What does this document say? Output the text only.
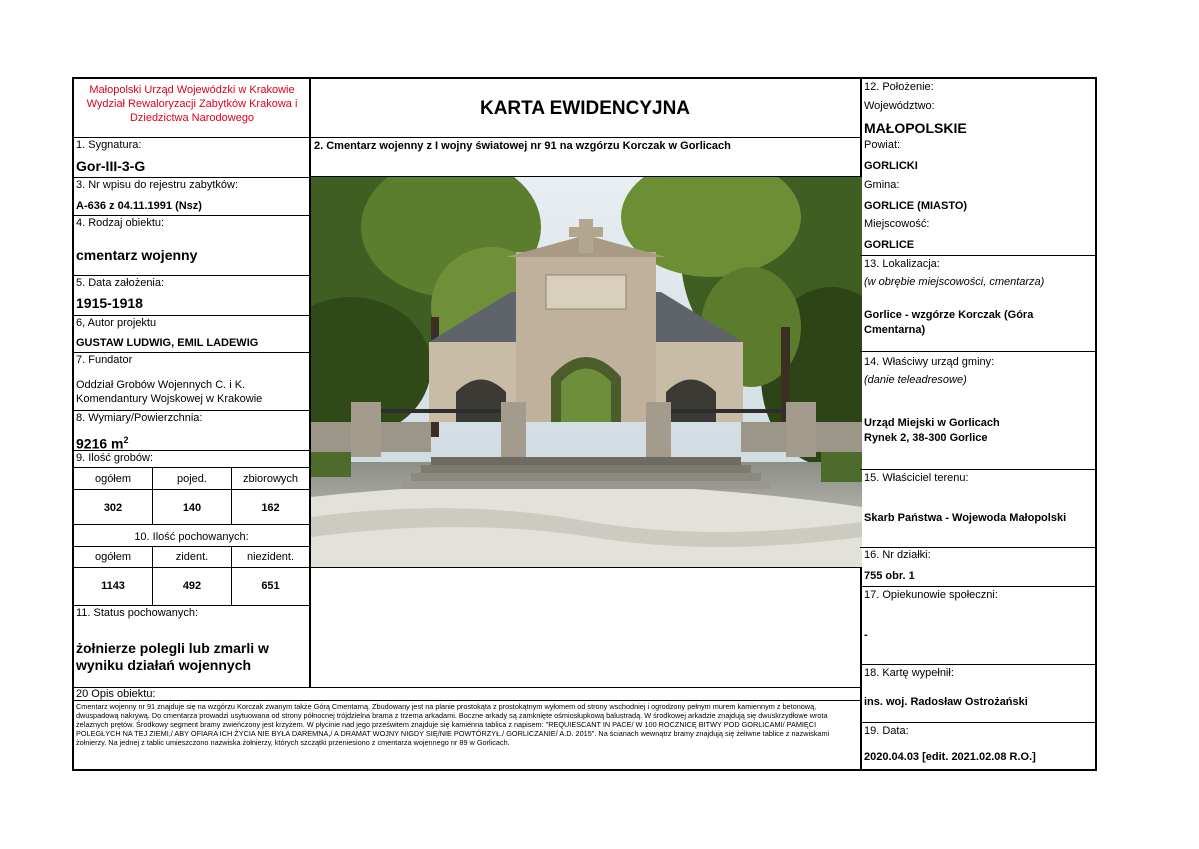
Małopolski Urząd Wojewódzki w Krakowie
Wydział Rewaloryzacji Zabytków Krakowa i
Dziedzictwa Narodowego	KARTA EWIDENCYJNA
1. Sygnatura:
Gor-III-3-G
3. Nr wpisu do rejestru zabytków:
A-636 z 04.11.1991 (Nsz)
4. Rodzaj obiektu:
cmentarz wojenny
5. Data założenia:
1915-1918
6, Autor projektu
GUSTAW LUDWIG, EMIL LADEWIG
7. Fundator
Oddział Grobów Wojennych C. i K.
Komendantury Wojskowej w Krakowie
8. Wymiary/Powierzchnia:
9216 $m^2$
9. Ilość grobów:
ogółem	pojed.	zbiorowych
302	140	162
10. Ilość pochowanych:
ogółem	zident.	niezident.
1143	492	651
11. Status pochowanych:
żołnierze polegli lub zmarli w
wyniku działań wojennych
2. Cmentarz wojenny z I wojny światowej nr 91 na wzgórzu Korczak w Gorlicach
20 Opis obiektu:
Cmentarz wojenny nr 91 znajduje się na wzgórzu Korczak zwanym także Górą Cmentarną. Zbudowany jest na planie prostokąta z prostokątnym wyłomem od strony wschodniej i ogrodzony pełnym murem kamiennym z betonową, dwuspadową nakrywą. Do cmentarza prowadzi usytuowana od strony północnej trójdzielna brama z trzema arkadami. Boczne arkady są zamknięte ośmiosłupkową balustradą. W środkowej arkadzie znajdują się dwuskrzydłowe wrota żelaznych prętów. Środkowy segment bramy zwieńczony jest krzyżem. W płycinie nad jego prześwitem znajduje się kamienna tablica z napisem: "REQUIESCANT IN PACE/ W 100 ROCZNICĘ BITWY POD GORLICAMI/ PAMIĘCI POLEGŁYCH NA TEJ ZIEMI,/ ABY OFIARA ICH ŻYCIA NIE BYŁA DAREMNA,/ A DRAMAT WOJNY NIGDY SIĘ/NIE POWTÓRZYŁ./ GORLICZANIE/ A.D. 2015". Na ścianach wewnątrz bramy znajdują się żeliwne tablice z nazwiskami żołnierzy. Na jednej z tablic umieszczono nazwiska żołnierzy, których szczątki przeniesiono z cmentarza wojennego nr 89 w Gorlicach.
12. Położenie:
Województwo:
MAŁOPOLSKIE
Powiat:
GORLICKI
Gmina:
GORLICE (MIASTO)
Miejscowość:
GORLICE
13. Lokalizacja:
(w obrębie miejscowości, cmentarza)
Gorlice - wzgórze Korczak (Góra
Cmentarna)
14. Właściwy urząd gminy:
(danie teleadresowe)
Urząd Miejski w Gorlicach
Rynek 2, 38-300 Gorlice
15. Właściciel terenu:
Skarb Państwa - Wojewoda Małopolski
16. Nr działki:
755 obr. 1
17. Opiekunowie społeczni:
-
18. Kartę wypełnił:
ins. woj. Radosław Ostrożański
19. Data:
2020.04.03 [edit. 2021.02.08 R.O.]
